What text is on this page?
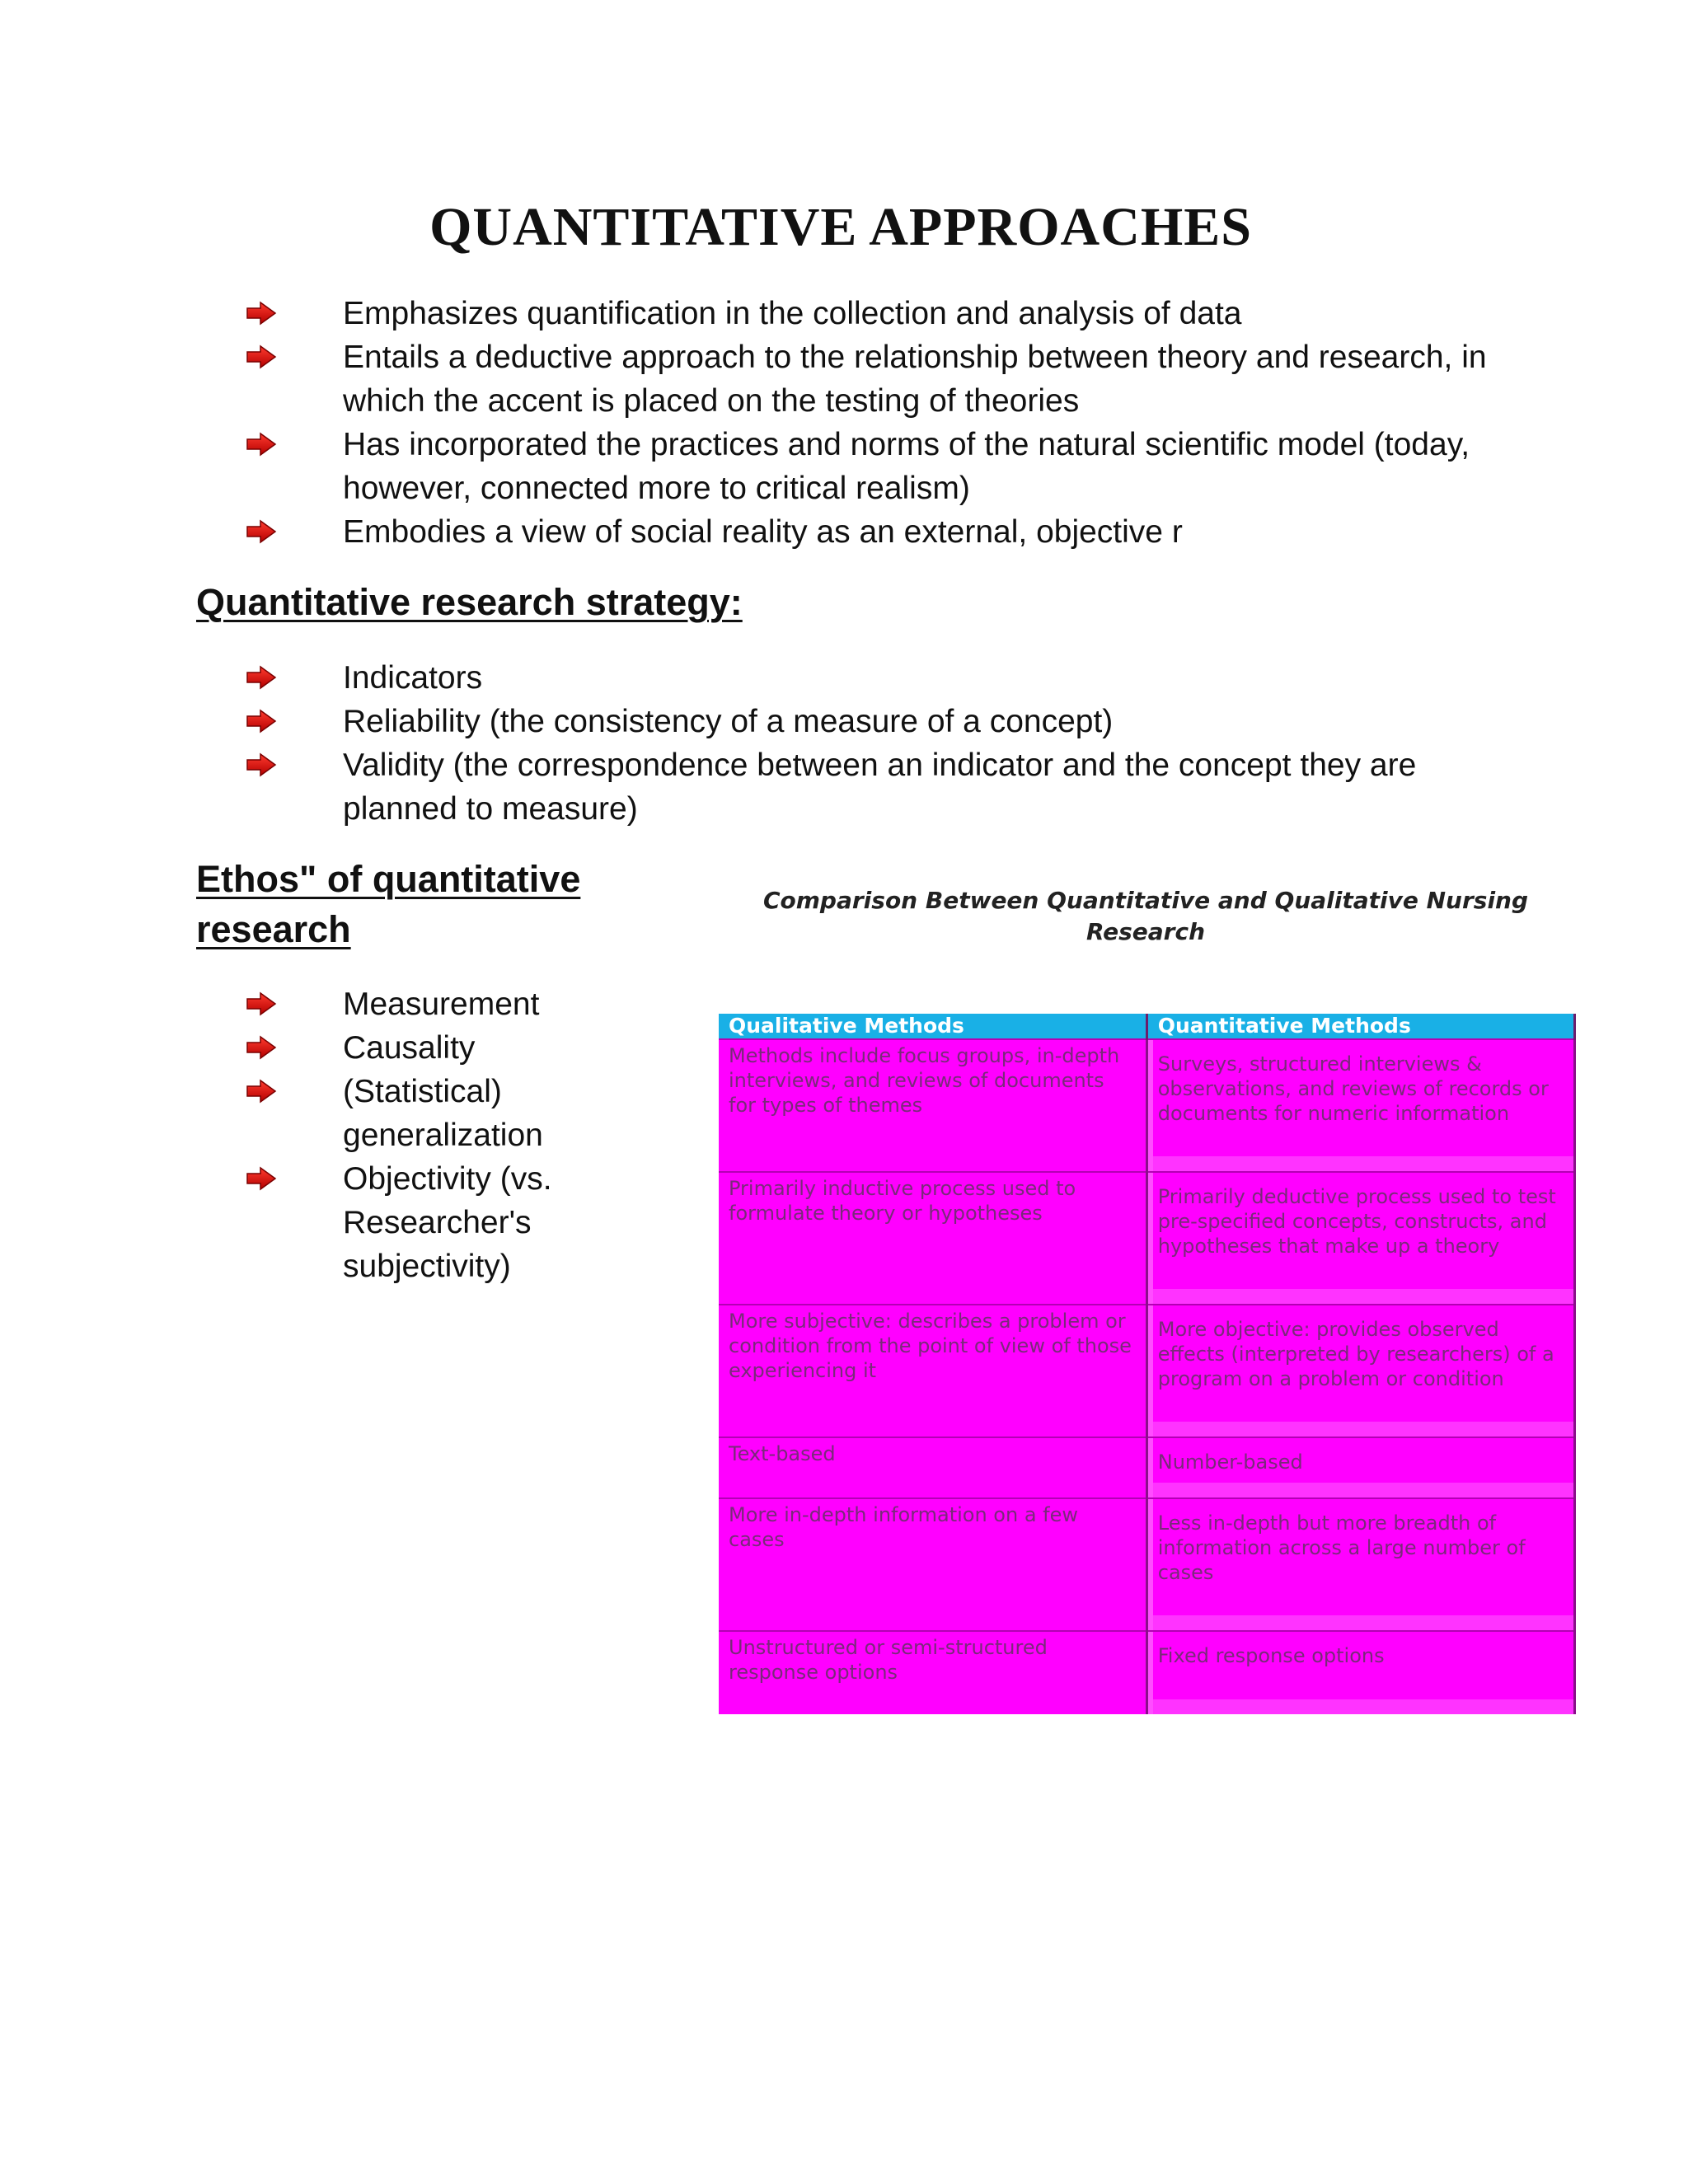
QUANTITATIVE APPROACHES
Emphasizes quantification in the collection and analysis of data
Entails a deductive approach to the relationship between theory and research, in which the accent is placed on the testing of theories
Has incorporated the practices and norms of the natural scientific model (today, however, connected more to critical realism)
Embodies a view of social reality as an external, objective r
Quantitative research strategy:
Indicators
Reliability (the consistency of a measure of a concept)
Validity (the correspondence between an indicator and the concept they are planned to measure)
Ethos" of quantitative research
Measurement
Causality
(Statistical) generalization
Objectivity (vs. Researcher's subjectivity)

Comparison Between Quantitative and Qualitative Nursing Research

Qualitative Methods	Quantitative Methods
Methods include focus groups, in-depth interviews, and reviews of documents for types of themes	Surveys, structured interviews & observations, and reviews of records or documents for numeric information
Primarily inductive process used to formulate theory or hypotheses	Primarily deductive process used to test pre-specified concepts, constructs, and hypotheses that make up a theory
More subjective: describes a problem or condition from the point of view of those experiencing it	More objective: provides observed effects (interpreted by researchers) of a program on a problem or condition
Text-based	Number-based
More in-depth information on a few cases	Less in-depth but more breadth of information across a large number of cases
Unstructured or semi-structured response options	Fixed response options
